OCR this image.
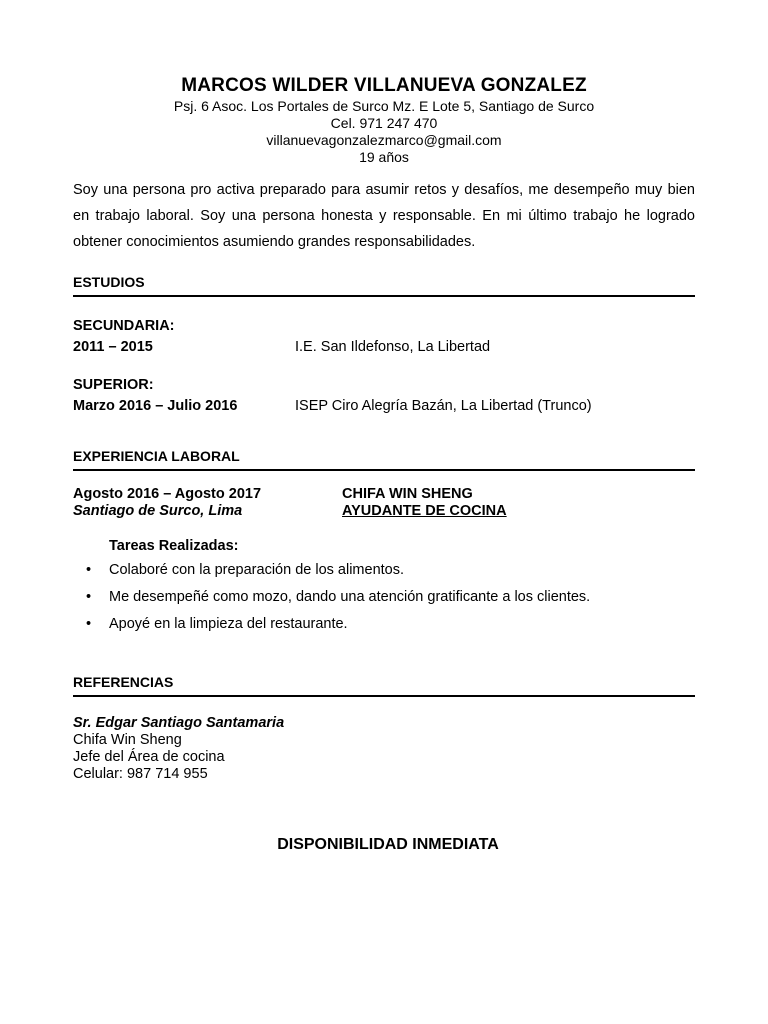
MARCOS WILDER VILLANUEVA GONZALEZ
Psj. 6 Asoc. Los Portales de Surco Mz. E Lote 5, Santiago de Surco
Cel. 971 247 470
villanuevagonzalezmarco@gmail.com
19 años
Soy una persona pro activa preparado para asumir retos y desafíos, me desempeño muy bien en trabajo laboral. Soy una persona honesta y responsable. En mi último trabajo he logrado obtener conocimientos asumiendo grandes responsabilidades.
ESTUDIOS
SECUNDARIA:
2011 – 2015	I.E. San Ildefonso, La Libertad
SUPERIOR:
Marzo 2016 – Julio 2016	ISEP Ciro Alegría Bazán, La Libertad (Trunco)
EXPERIENCIA LABORAL
Agosto 2016 – Agosto 2017	CHIFA WIN SHENG
Santiago de Surco, Lima	AYUDANTE DE COCINA
Tareas Realizadas:
• Colaboré con la preparación de los alimentos.
• Me desempeñé como mozo, dando una atención gratificante a los clientes.
• Apoyé en la limpieza del restaurante.
REFERENCIAS
Sr. Edgar Santiago Santamaria
Chifa Win Sheng
Jefe del Área de cocina
Celular: 987 714 955
DISPONIBILIDAD INMEDIATA
